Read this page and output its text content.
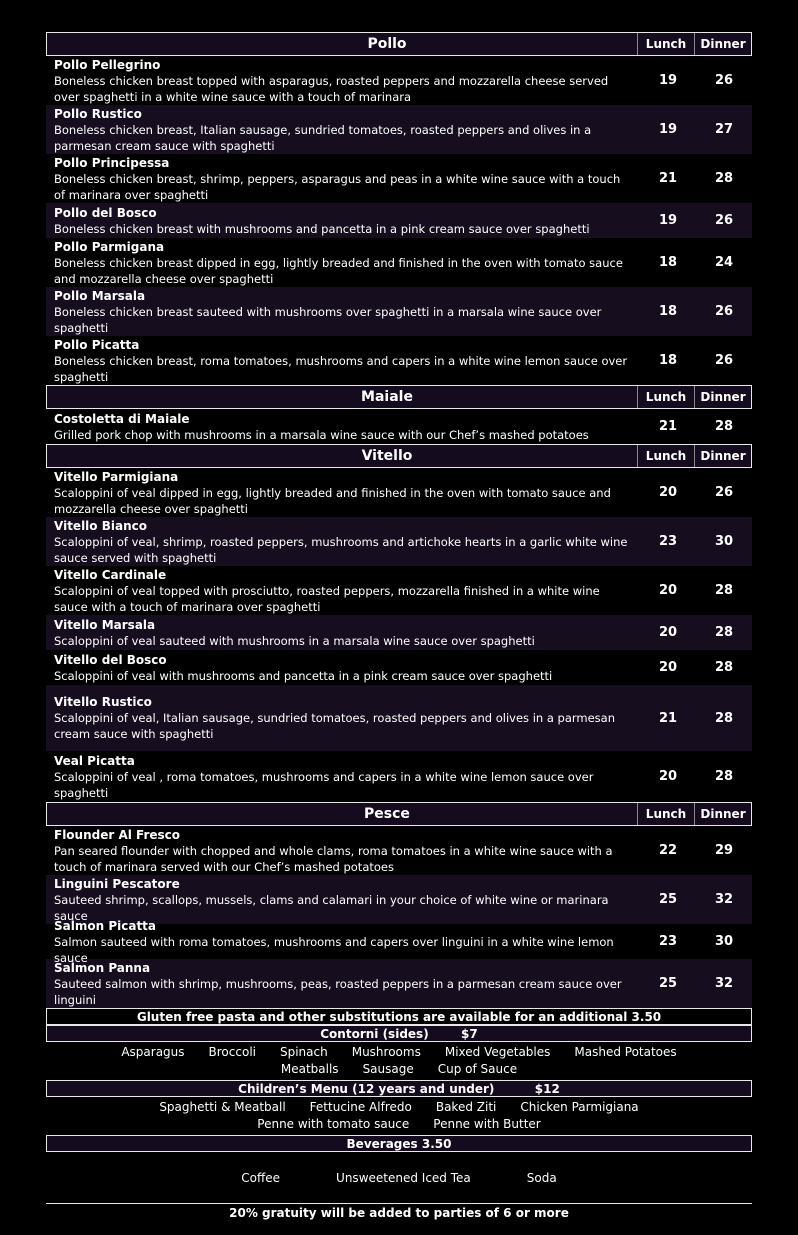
Pollo	Lunch	Dinner
Pollo Pellegrino
Boneless chicken breast topped with asparagus, roasted peppers and mozzarella cheese served over spaghetti in a white wine sauce with a touch of marinara
19	26
Pollo Rustico
Boneless chicken breast, Italian sausage, sundried tomatoes, roasted peppers and olives in a parmesan cream sauce with spaghetti
19	27
Pollo Principessa
Boneless chicken breast, shrimp, peppers, asparagus and peas in a white wine sauce with a touch of marinara over spaghetti
21	28
Pollo del Bosco
Boneless chicken breast with mushrooms and pancetta in a pink cream sauce over spaghetti
19	26
Pollo Parmigana
Boneless chicken breast dipped in egg, lightly breaded and finished in the oven with tomato sauce and mozzarella cheese over spaghetti
18	24
Pollo Marsala
Boneless chicken breast sauteed with mushrooms over spaghetti in a marsala wine sauce over spaghetti
18	26
Pollo Picatta
Boneless chicken breast, roma tomatoes, mushrooms and capers in a white wine lemon sauce over spaghetti
18	26
Maiale	Lunch	Dinner
Costoletta di Maiale
Grilled pork chop with mushrooms in a marsala wine sauce with our Chef’s mashed potatoes
21	28
Vitello	Lunch	Dinner
Vitello Parmigiana
Scaloppini of veal dipped in egg, lightly breaded and finished in the oven with tomato sauce and mozzarella cheese over spaghetti
20	26
Vitello Bianco
Scaloppini of veal, shrimp, roasted peppers, mushrooms and artichoke hearts in a garlic white wine sauce served with spaghetti
23	30
Vitello Cardinale
Scaloppini of veal topped with prosciutto, roasted peppers, mozzarella finished in a white wine sauce with a touch of marinara over spaghetti
20	28
Vitello Marsala
Scaloppini of veal sauteed with mushrooms in a marsala wine sauce over spaghetti
20	28
Vitello del Bosco
Scaloppini of veal with mushrooms and pancetta in a pink cream sauce over spaghetti
20	28
Vitello Rustico
Scaloppini of veal, Italian sausage, sundried tomatoes, roasted peppers and olives in a parmesan cream sauce with spaghetti
21	28
Veal Picatta
Scaloppini of veal , roma tomatoes, mushrooms and capers in a white wine lemon sauce over spaghetti
20	28
Pesce	Lunch	Dinner
Flounder Al Fresco
Pan seared flounder with chopped and whole clams, roma tomatoes in a white wine sauce with a touch of marinara served with our Chef’s mashed potatoes
22	29
Linguini Pescatore
Sauteed shrimp, scallops, mussels, clams and calamari in your choice of white wine or marinara sauce
25	32
Salmon Picatta
Salmon sauteed with roma tomatoes, mushrooms and capers over linguini in a white wine lemon sauce
23	30
Salmon Panna
Sauteed salmon with shrimp, mushrooms, peas, roasted peppers in a parmesan cream sauce over linguini
25	32
Gluten free pasta and other substitutions are available for an additional 3.50
Contorni (sides)	$7
Asparagus Broccoli Spinach Mushrooms Mixed Vegetables Mashed Potatoes
Meatballs Sausage Cup of Sauce
Children’s Menu (12 years and under)	$12
Spaghetti & Meatball Fettucine Alfredo Baked Ziti Chicken Parmigiana
Penne with tomato sauce Penne with Butter
Beverages 3.50
Coffee	Unsweetened Iced Tea	Soda
20% gratuity will be added to parties of 6 or more
